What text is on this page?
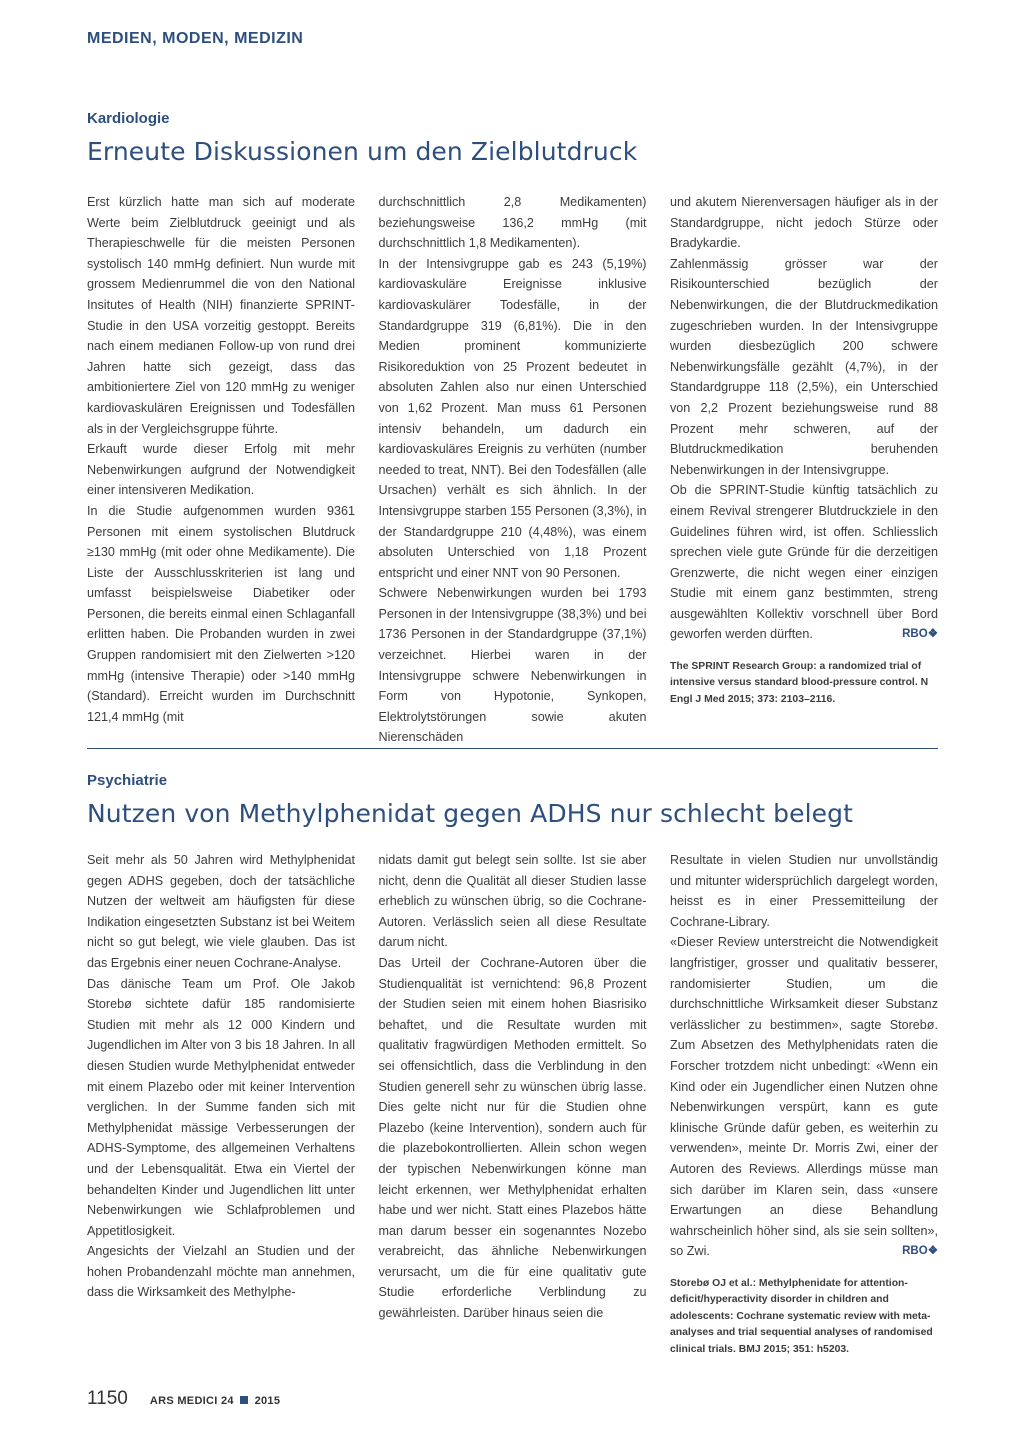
MEDIEN, MODEN, MEDIZIN

Kardiologie

Erneute Diskussionen um den Zielblutdruck

Erst kürzlich hatte man sich auf moderate Werte beim Zielblutdruck geeinigt und als Therapieschwelle für die meisten Personen systolisch 140 mmHg definiert. Nun wurde mit grossem Medienrummel die von den National Insitutes of Health (NIH) finanzierte SPRINT-Studie in den USA vorzeitig gestoppt. Bereits nach einem medianen Follow-up von rund drei Jahren hatte sich gezeigt, dass das ambitioniertere Ziel von 120 mmHg zu weniger kardiovaskulären Ereignissen und Todesfällen als in der Vergleichsgruppe führte.

Erkauft wurde dieser Erfolg mit mehr Nebenwirkungen aufgrund der Notwendigkeit einer intensiveren Medikation.

In die Studie aufgenommen wurden 9361 Personen mit einem systolischen Blutdruck ≥130 mmHg (mit oder ohne Medikamente). Die Liste der Ausschlusskriterien ist lang und umfasst beispielsweise Diabetiker oder Personen, die bereits einmal einen Schlaganfall erlitten haben. Die Probanden wurden in zwei Gruppen randomisiert mit den Zielwerten >120 mmHg (intensive Therapie) oder >140 mmHg (Standard). Erreicht wurden im Durchschnitt 121,4 mmHg (mit

durchschnittlich 2,8 Medikamenten) beziehungsweise 136,2 mmHg (mit durchschnittlich 1,8 Medikamenten).

In der Intensivgruppe gab es 243 (5,19%) kardiovaskuläre Ereignisse inklusive kardiovaskulärer Todesfälle, in der Standardgruppe 319 (6,81%). Die in den Medien prominent kommunizierte Risikoreduktion von 25 Prozent bedeutet in absoluten Zahlen also nur einen Unterschied von 1,62 Prozent. Man muss 61 Personen intensiv behandeln, um dadurch ein kardiovaskuläres Ereignis zu verhüten (number needed to treat, NNT). Bei den Todesfällen (alle Ursachen) verhält es sich ähnlich. In der Intensivgruppe starben 155 Personen (3,3%), in der Standardgruppe 210 (4,48%), was einem absoluten Unterschied von 1,18 Prozent entspricht und einer NNT von 90 Personen.

Schwere Nebenwirkungen wurden bei 1793 Personen in der Intensivgruppe (38,3%) und bei 1736 Personen in der Standardgruppe (37,1%) verzeichnet. Hierbei waren in der Intensivgruppe schwere Nebenwirkungen in Form von Hypotonie, Synkopen, Elektrolytstörungen sowie akuten Nierenschäden

und akutem Nierenversagen häufiger als in der Standardgruppe, nicht jedoch Stürze oder Bradykardie.

Zahlenmässig grösser war der Risikounterschied bezüglich der Nebenwirkungen, die der Blutdruckmedikation zugeschrieben wurden. In der Intensivgruppe wurden diesbezüglich 200 schwere Nebenwirkungsfälle gezählt (4,7%), in der Standardgruppe 118 (2,5%), ein Unterschied von 2,2 Prozent beziehungsweise rund 88 Prozent mehr schweren, auf der Blutdruckmedikation beruhenden Nebenwirkungen in der Intensivgruppe.

Ob die SPRINT-Studie künftig tatsächlich zu einem Revival strengerer Blutdruckziele in den Guidelines führen wird, ist offen. Schliesslich sprechen viele gute Gründe für die derzeitigen Grenzwerte, die nicht wegen einer einzigen Studie mit einem ganz bestimmten, streng ausgewählten Kollektiv vorschnell über Bord geworfen werden dürften.	RBO❖

The SPRINT Research Group: a randomized trial of intensive versus standard blood-pressure control. N Engl J Med 2015; 373: 2103–2116.

Psychiatrie

Nutzen von Methylphenidat gegen ADHS nur schlecht belegt

Seit mehr als 50 Jahren wird Methylphenidat gegen ADHS gegeben, doch der tatsächliche Nutzen der weltweit am häufigsten für diese Indikation eingesetzten Substanz ist bei Weitem nicht so gut belegt, wie viele glauben. Das ist das Ergebnis einer neuen Cochrane-Analyse.

Das dänische Team um Prof. Ole Jakob Storebø sichtete dafür 185 randomisierte Studien mit mehr als 12 000 Kindern und Jugendlichen im Alter von 3 bis 18 Jahren. In all diesen Studien wurde Methylphenidat entweder mit einem Plazebo oder mit keiner Intervention verglichen. In der Summe fanden sich mit Methylphenidat mässige Verbesserungen der ADHS-Symptome, des allgemeinen Verhaltens und der Lebensqualität. Etwa ein Viertel der behandelten Kinder und Jugendlichen litt unter Nebenwirkungen wie Schlafproblemen und Appetitlosigkeit.

Angesichts der Vielzahl an Studien und der hohen Probandenzahl möchte man annehmen, dass die Wirksamkeit des Methylphe-

nidats damit gut belegt sein sollte. Ist sie aber nicht, denn die Qualität all dieser Studien lasse erheblich zu wünschen übrig, so die Cochrane-Autoren. Verlässlich seien all diese Resultate darum nicht.

Das Urteil der Cochrane-Autoren über die Studienqualität ist vernichtend: 96,8 Prozent der Studien seien mit einem hohen Biasrisiko behaftet, und die Resultate wurden mit qualitativ fragwürdigen Methoden ermittelt. So sei offensichtlich, dass die Verblindung in den Studien generell sehr zu wünschen übrig lasse. Dies gelte nicht nur für die Studien ohne Plazebo (keine Intervention), sondern auch für die plazebokontrollierten. Allein schon wegen der typischen Nebenwirkungen könne man leicht erkennen, wer Methylphenidat erhalten habe und wer nicht. Statt eines Plazebos hätte man darum besser ein sogenanntes Nozebo verabreicht, das ähnliche Nebenwirkungen verursacht, um die für eine qualitativ gute Studie erforderliche Verblindung zu gewährleisten. Darüber hinaus seien die

Resultate in vielen Studien nur unvollständig und mitunter widersprüchlich dargelegt worden, heisst es in einer Pressemitteilung der Cochrane-Library.

«Dieser Review unterstreicht die Notwendigkeit langfristiger, grosser und qualitativ besserer, randomisierter Studien, um die durchschnittliche Wirksamkeit dieser Substanz verlässlicher zu bestimmen», sagte Storebø. Zum Absetzen des Methylphenidats raten die Forscher trotzdem nicht unbedingt: «Wenn ein Kind oder ein Jugendlicher einen Nutzen ohne Nebenwirkungen verspürt, kann es gute klinische Gründe dafür geben, es weiterhin zu verwenden», meinte Dr. Morris Zwi, einer der Autoren des Reviews. Allerdings müsse man sich darüber im Klaren sein, dass «unsere Erwartungen an diese Behandlung wahrscheinlich höher sind, als sie sein sollten», so Zwi.	RBO❖

Storebø OJ et al.: Methylphenidate for attention-deficit/hyperactivity disorder in children and adolescents: Cochrane systematic review with meta-analyses and trial sequential analyses of randomised clinical trials. BMJ 2015; 351: h5203.

1150 ARS MEDICI 24 2015
